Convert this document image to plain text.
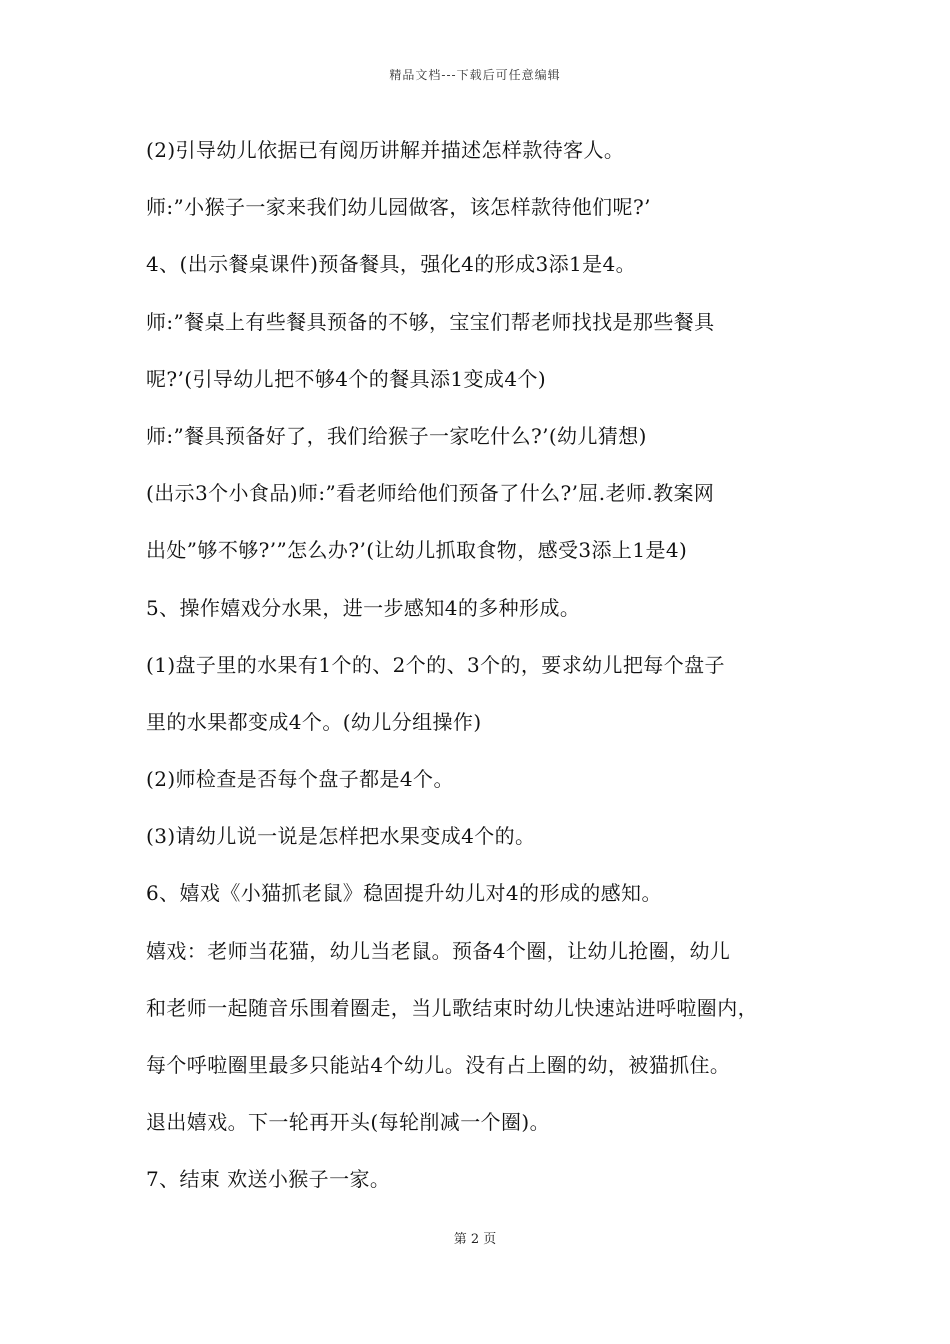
精品文档---下载后可任意编辑
(2)引导幼儿依据已有阅历讲解并描述怎样款待客人。
师:”小猴子一家来我们幼儿园做客，该怎样款待他们呢?’
4、(出示餐桌课件)预备餐具，强化4的形成3添1是4。
师:”餐桌上有些餐具预备的不够，宝宝们帮老师找找是那些餐具
呢?’(引导幼儿把不够4个的餐具添1变成4个)
师:”餐具预备好了，我们给猴子一家吃什么?’(幼儿猜想)
(出示3个小食品)师:”看老师给他们预备了什么?’屈.老师.教案网
出处”够不够?’”怎么办?’(让幼儿抓取食物，感受3添上1是4)
5、操作嬉戏分水果，进一步感知4的多种形成。
(1)盘子里的水果有1个的、2个的、3个的，要求幼儿把每个盘子
里的水果都变成4个。(幼儿分组操作)
(2)师检查是否每个盘子都是4个。
(3)请幼儿说一说是怎样把水果变成4个的。
6、嬉戏《小猫抓老鼠》稳固提升幼儿对4的形成的感知。
嬉戏：老师当花猫，幼儿当老鼠。预备4个圈，让幼儿抢圈，幼儿
和老师一起随音乐围着圈走，当儿歌结束时幼儿快速站进呼啦圈内，
每个呼啦圈里最多只能站4个幼儿。没有占上圈的幼，被猫抓住。
退出嬉戏。下一轮再开头(每轮削减一个圈)。
7、结束 欢送小猴子一家。
第 2 页
